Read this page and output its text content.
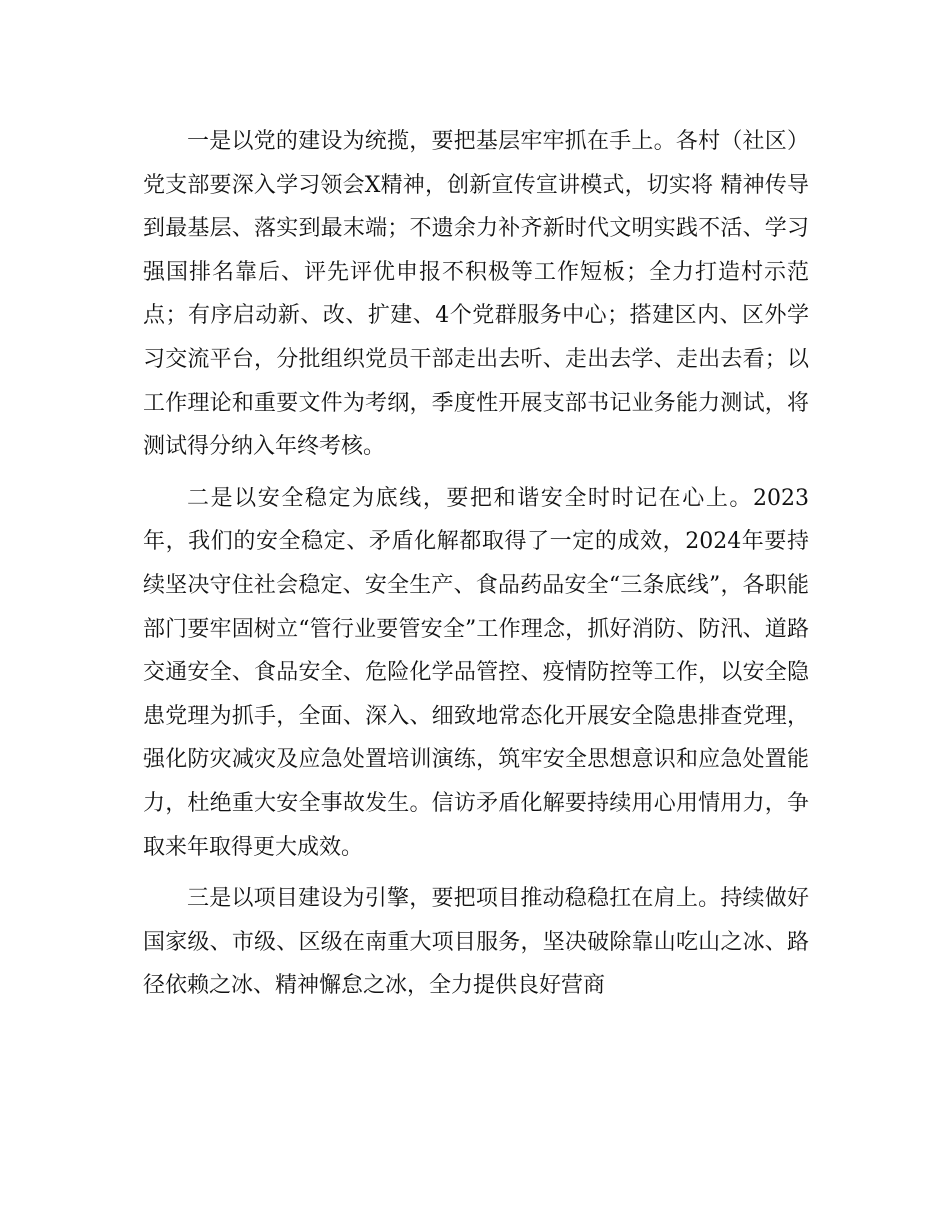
一是以党的建设为统揽，要把基层牢牢抓在手上。各村（社区）党支部要深入学习领会X精神，创新宣传宣讲模式，切实将 精神传导到最基层、落实到最末端；不遗余力补齐新时代文明实践不活、学习强国排名靠后、评先评优申报不积极等工作短板；全力打造村示范点；有序启动新、改、扩建、4个党群服务中心；搭建区内、区外学习交流平台，分批组织党员干部走出去听、走出去学、走出去看；以工作理论和重要文件为考纲，季度性开展支部书记业务能力测试，将测试得分纳入年终考核。

二是以安全稳定为底线，要把和谐安全时时记在心上。2023年，我们的安全稳定、矛盾化解都取得了一定的成效，2024年要持续坚决守住社会稳定、安全生产、食品药品安全“三条底线”，各职能部门要牢固树立“管行业要管安全”工作理念，抓好消防、防汛、道路交通安全、食品安全、危险化学品管控、疫情防控等工作，以安全隐患党理为抓手，全面、深入、细致地常态化开展安全隐患排查党理，强化防灾减灾及应急处置培训演练，筑牢安全思想意识和应急处置能力，杜绝重大安全事故发生。信访矛盾化解要持续用心用情用力，争取来年取得更大成效。

三是以项目建设为引擎，要把项目推动稳稳扛在肩上。持续做好国家级、市级、区级在南重大项目服务，坚决破除靠山吃山之冰、路径依赖之冰、精神懈怠之冰，全力提供良好营商
